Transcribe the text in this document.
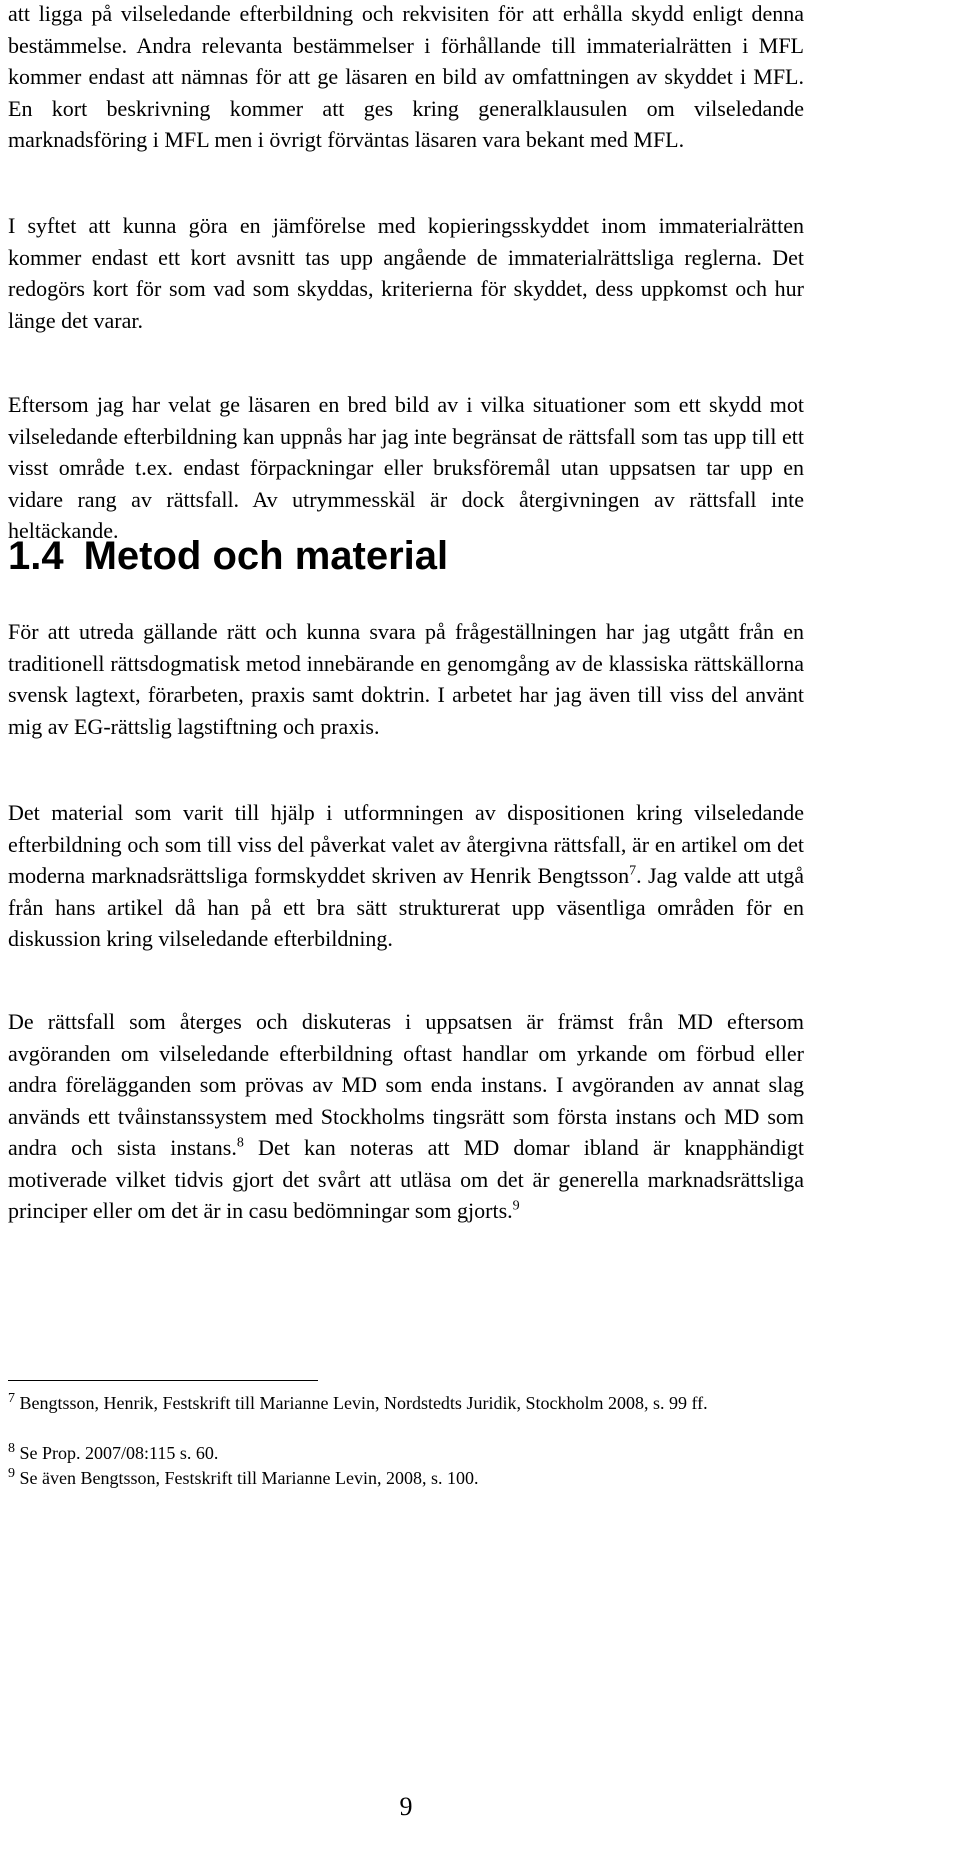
att ligga på vilseledande efterbildning och rekvisiten för att erhålla skydd enligt denna bestämmelse. Andra relevanta bestämmelser i förhållande till immaterialrätten i MFL kommer endast att nämnas för att ge läsaren en bild av omfattningen av skyddet i MFL. En kort beskrivning kommer att ges kring generalklausulen om vilseledande marknadsföring i MFL men i övrigt förväntas läsaren vara bekant med MFL.

I syftet att kunna göra en jämförelse med kopieringsskyddet inom immaterialrätten kommer endast ett kort avsnitt tas upp angående de immaterialrättsliga reglerna. Det redogörs kort för som vad som skyddas, kriterierna för skyddet, dess uppkomst och hur länge det varar.

Eftersom jag har velat ge läsaren en bred bild av i vilka situationer som ett skydd mot vilseledande efterbildning kan uppnås har jag inte begränsat de rättsfall som tas upp till ett visst område t.ex. endast förpackningar eller bruksföremål utan uppsatsen tar upp en vidare rang av rättsfall. Av utrymmesskäl är dock återgivningen av rättsfall inte heltäckande.

1.4 Metod och material

För att utreda gällande rätt och kunna svara på frågeställningen har jag utgått från en traditionell rättsdogmatisk metod innebärande en genomgång av de klassiska rättskällorna svensk lagtext, förarbeten, praxis samt doktrin. I arbetet har jag även till viss del använt mig av EG-rättslig lagstiftning och praxis.

Det material som varit till hjälp i utformningen av dispositionen kring vilseledande efterbildning och som till viss del påverkat valet av återgivna rättsfall, är en artikel om det moderna marknadsrättsliga formskyddet skriven av Henrik Bengtsson$^7$. Jag valde att utgå från hans artikel då han på ett bra sätt strukturerat upp väsentliga områden för en diskussion kring vilseledande efterbildning.

De rättsfall som återges och diskuteras i uppsatsen är främst från MD eftersom avgöranden om vilseledande efterbildning oftast handlar om yrkande om förbud eller andra förelägganden som prövas av MD som enda instans. I avgöranden av annat slag används ett tvåinstanssystem med Stockholms tingsrätt som första instans och MD som andra och sista instans.$^8$ Det kan noteras att MD domar ibland är knapphändigt motiverade vilket tidvis gjort det svårt att utläsa om det är generella marknadsrättsliga principer eller om det är in casu bedömningar som gjorts.$^9$

$^7$ Bengtsson, Henrik, Festskrift till Marianne Levin, Nordstedts Juridik, Stockholm 2008, s. 99 ff.

$^8$ Se Prop. 2007/08:115 s. 60.

$^9$ Se även Bengtsson, Festskrift till Marianne Levin, 2008, s. 100.

9
